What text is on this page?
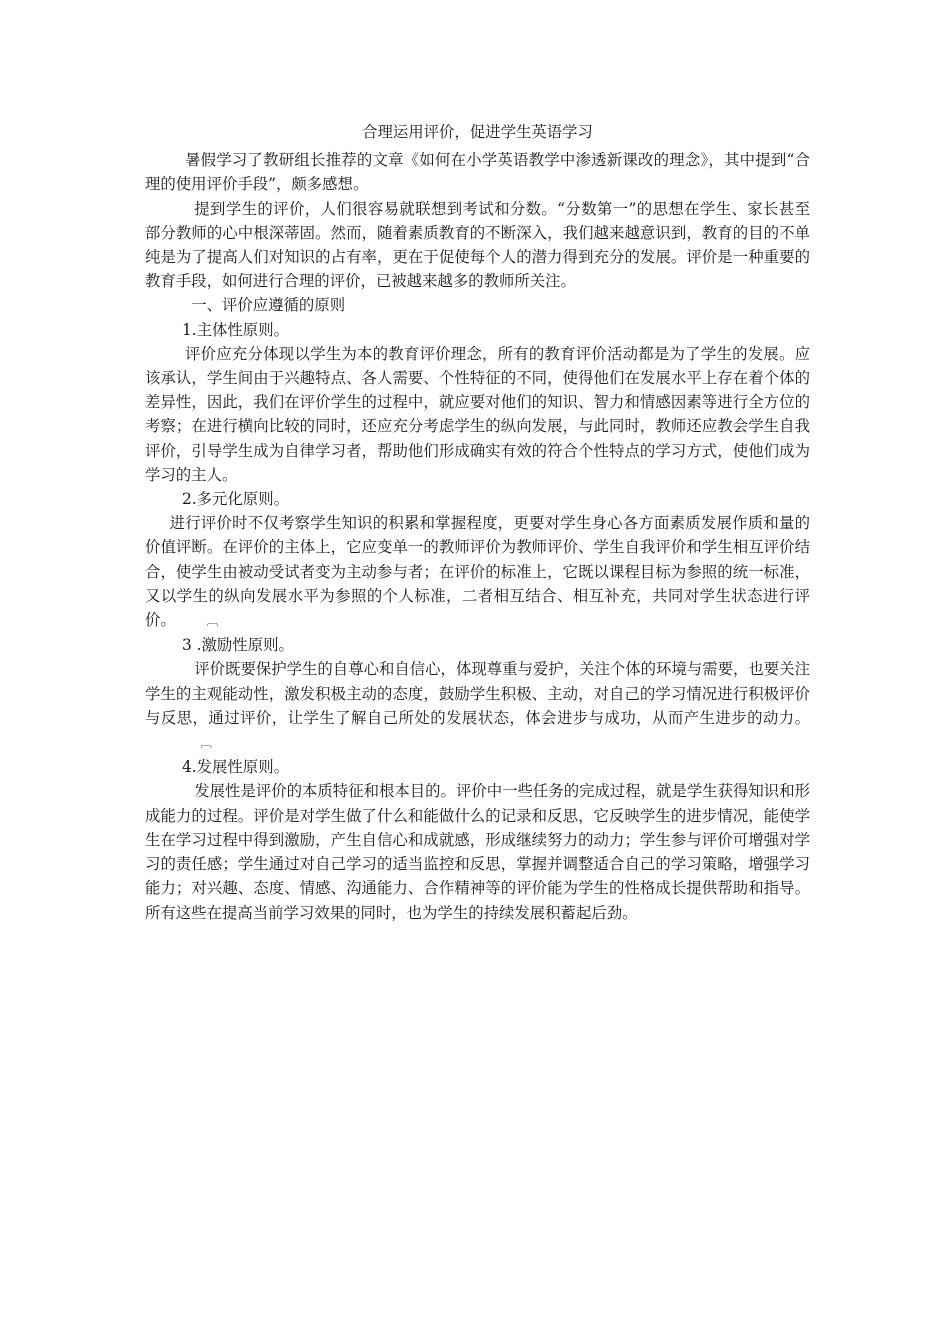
合理运用评价，促进学生英语学习

暑假学习了教研组长推荐的文章《如何在小学英语教学中渗透新课改的理念》，其中提到“合理的使用评价手段”，颇多感想。

提到学生的评价，人们很容易就联想到考试和分数。“分数第一”的思想在学生、家长甚至部分教师的心中根深蒂固。然而，随着素质教育的不断深入，我们越来越意识到，教育的目的不单纯是为了提高人们对知识的占有率，更在于促使每个人的潜力得到充分的发展。评价是一种重要的教育手段，如何进行合理的评价，已被越来越多的教师所关注。

一、评价应遵循的原则

1.主体性原则。

评价应充分体现以学生为本的教育评价理念，所有的教育评价活动都是为了学生的发展。应该承认，学生间由于兴趣特点、各人需要、个性特征的不同，使得他们在发展水平上存在着个体的差异性，因此，我们在评价学生的过程中，就应要对他们的知识、智力和情感因素等进行全方位的考察；在进行横向比较的同时，还应充分考虑学生的纵向发展，与此同时，教师还应教会学生自我评价，引导学生成为自律学习者，帮助他们形成确实有效的符合个性特点的学习方式，使他们成为学习的主人。

2.多元化原则。

进行评价时不仅考察学生知识的积累和掌握程度，更要对学生身心各方面素质发展作质和量的价值评断。在评价的主体上，它应变单一的教师评价为教师评价、学生自我评价和学生相互评价结合，使学生由被动受试者变为主动参与者；在评价的标准上，它既以课程目标为参照的统一标准，又以学生的纵向发展水平为参照的个人标准，二者相互结合、相互补充，共同对学生状态进行评价。	︹

3 .激励性原则。

评价既要保护学生的自尊心和自信心，体现尊重与爱护，关注个体的环境与需要，也要关注学生的主观能动性，激发积极主动的态度，鼓励学生积极、主动，对自己的学习情况进行积极评价与反思，通过评价，让学生了解自己所处的发展状态，体会进步与成功，从而产生进步的动力。︹

4.发展性原则。

发展性是评价的本质特征和根本目的。评价中一些任务的完成过程，就是学生获得知识和形成能力的过程。评价是对学生做了什么和能做什么的记录和反思，它反映学生的进步情况，能使学生在学习过程中得到激励，产生自信心和成就感，形成继续努力的动力；学生参与评价可增强对学习的责任感；学生通过对自己学习的适当监控和反思，掌握并调整适合自己的学习策略，增强学习能力；对兴趣、态度、情感、沟通能力、合作精神等的评价能为学生的性格成长提供帮助和指导。所有这些在提高当前学习效果的同时，也为学生的持续发展积蓄起后劲。
